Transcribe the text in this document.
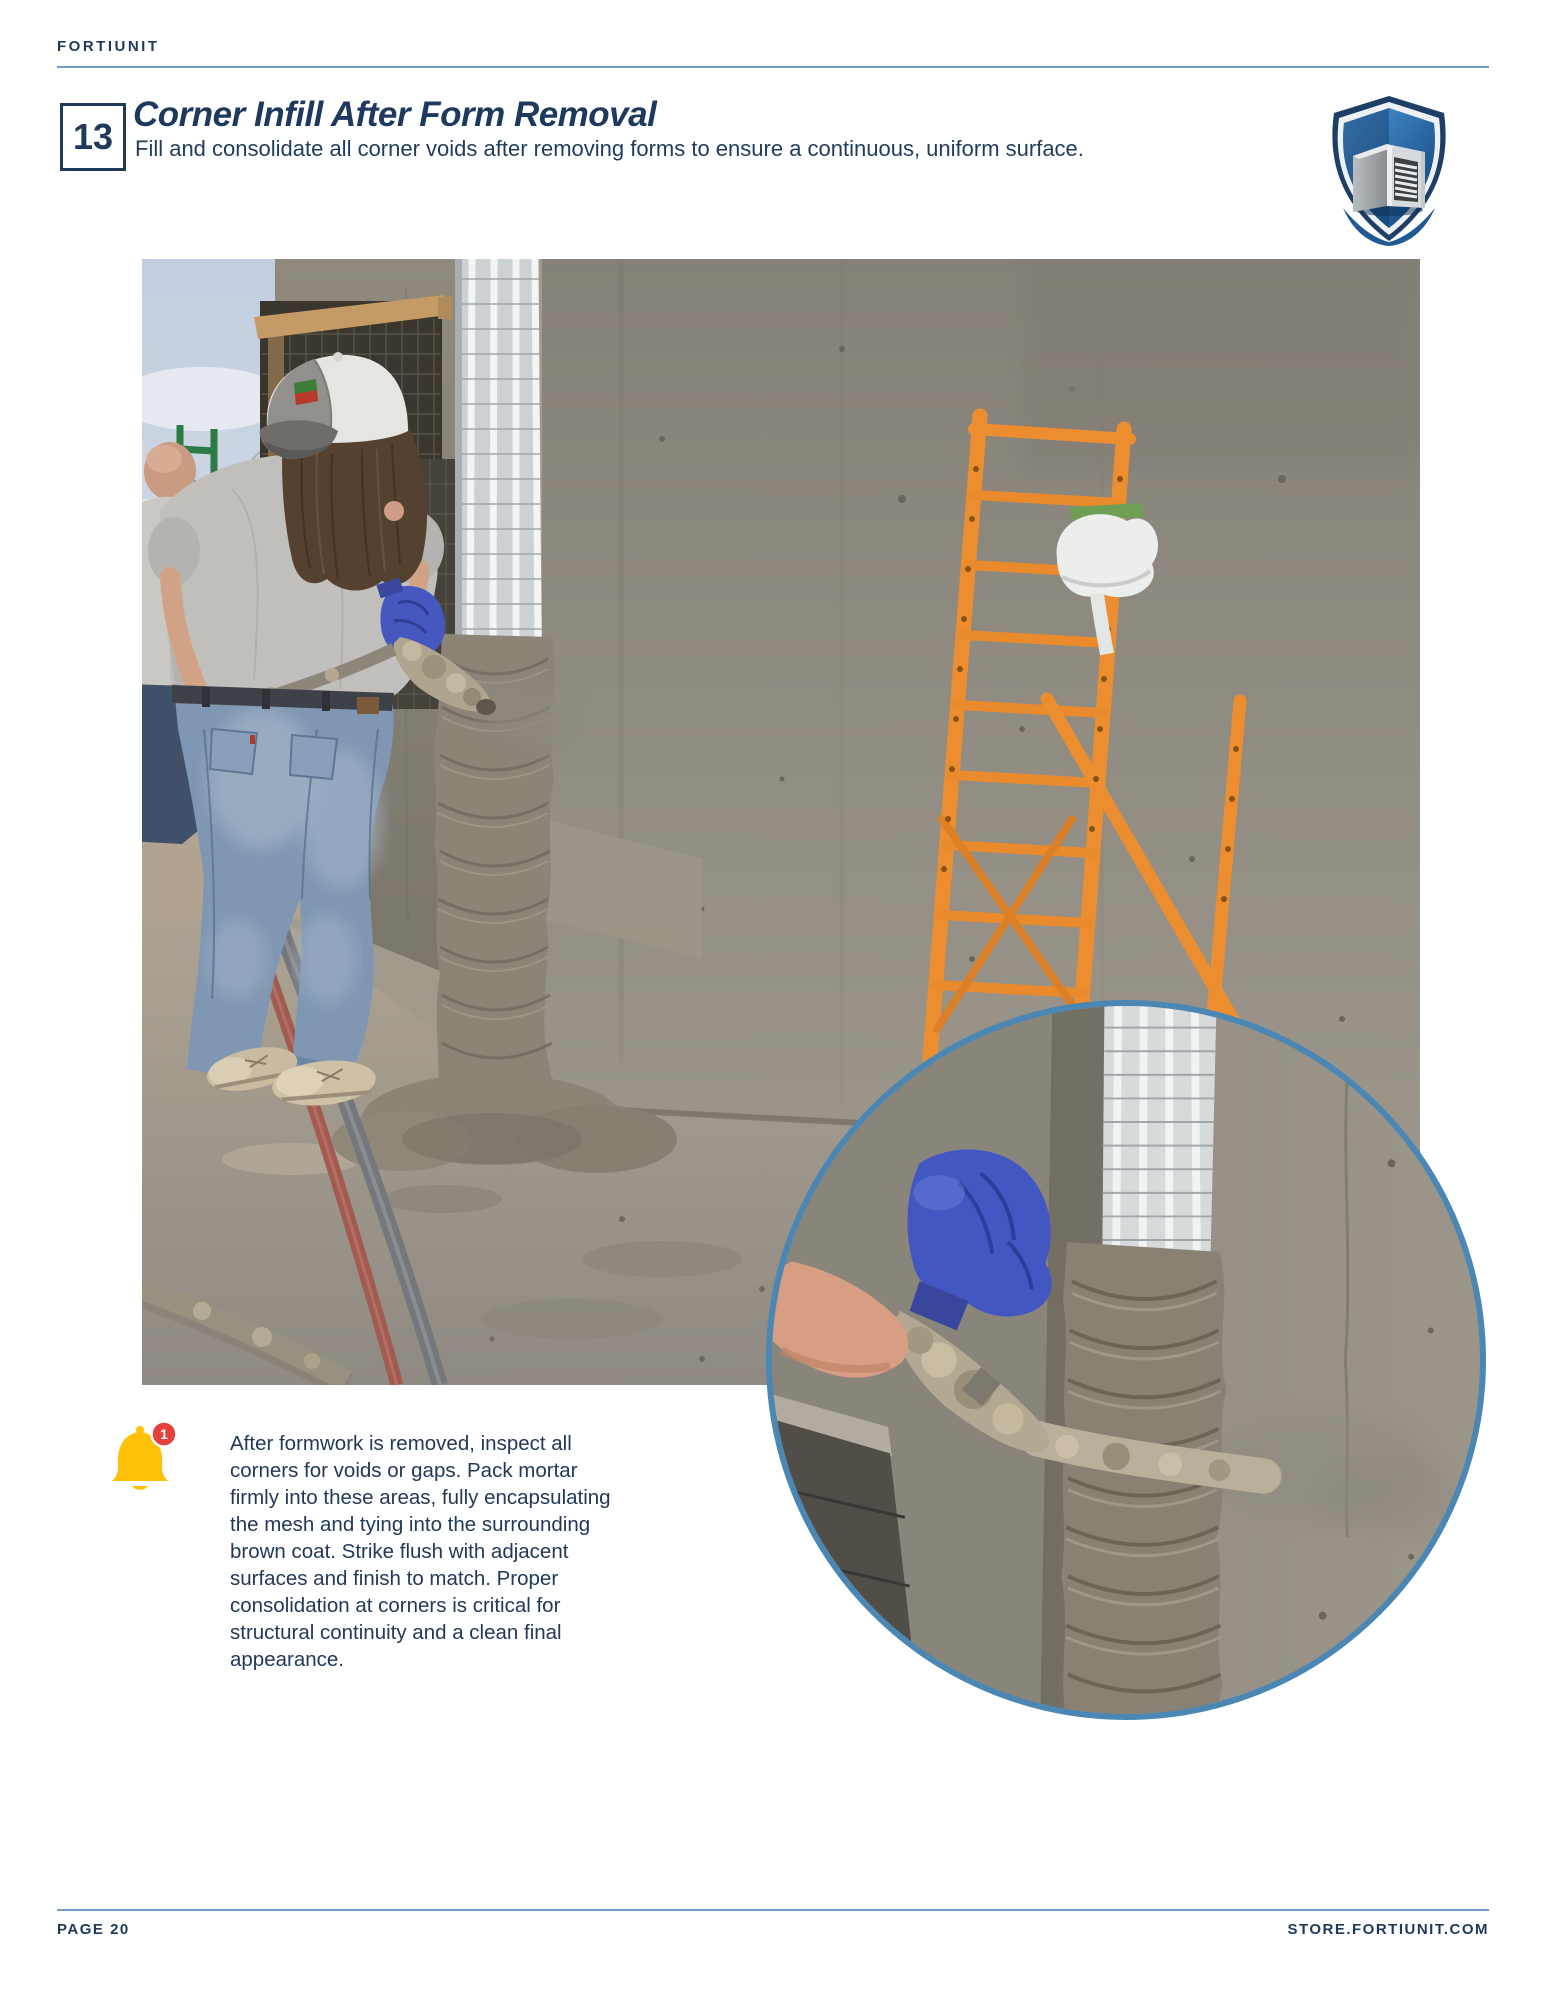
FORTIUNIT
13
Corner Infill After Form Removal
Fill and consolidate all corner voids after removing forms to ensure a continuous, uniform surface.
1	After formwork is removed, inspect all corners for voids or gaps. Pack mortar firmly into these areas, fully encapsulating the mesh and tying into the surrounding brown coat. Strike flush with adjacent surfaces and finish to match. Proper consolidation at corners is critical for structural continuity and a clean final appearance.

PAGE 20	STORE.FORTIUNIT.COM
